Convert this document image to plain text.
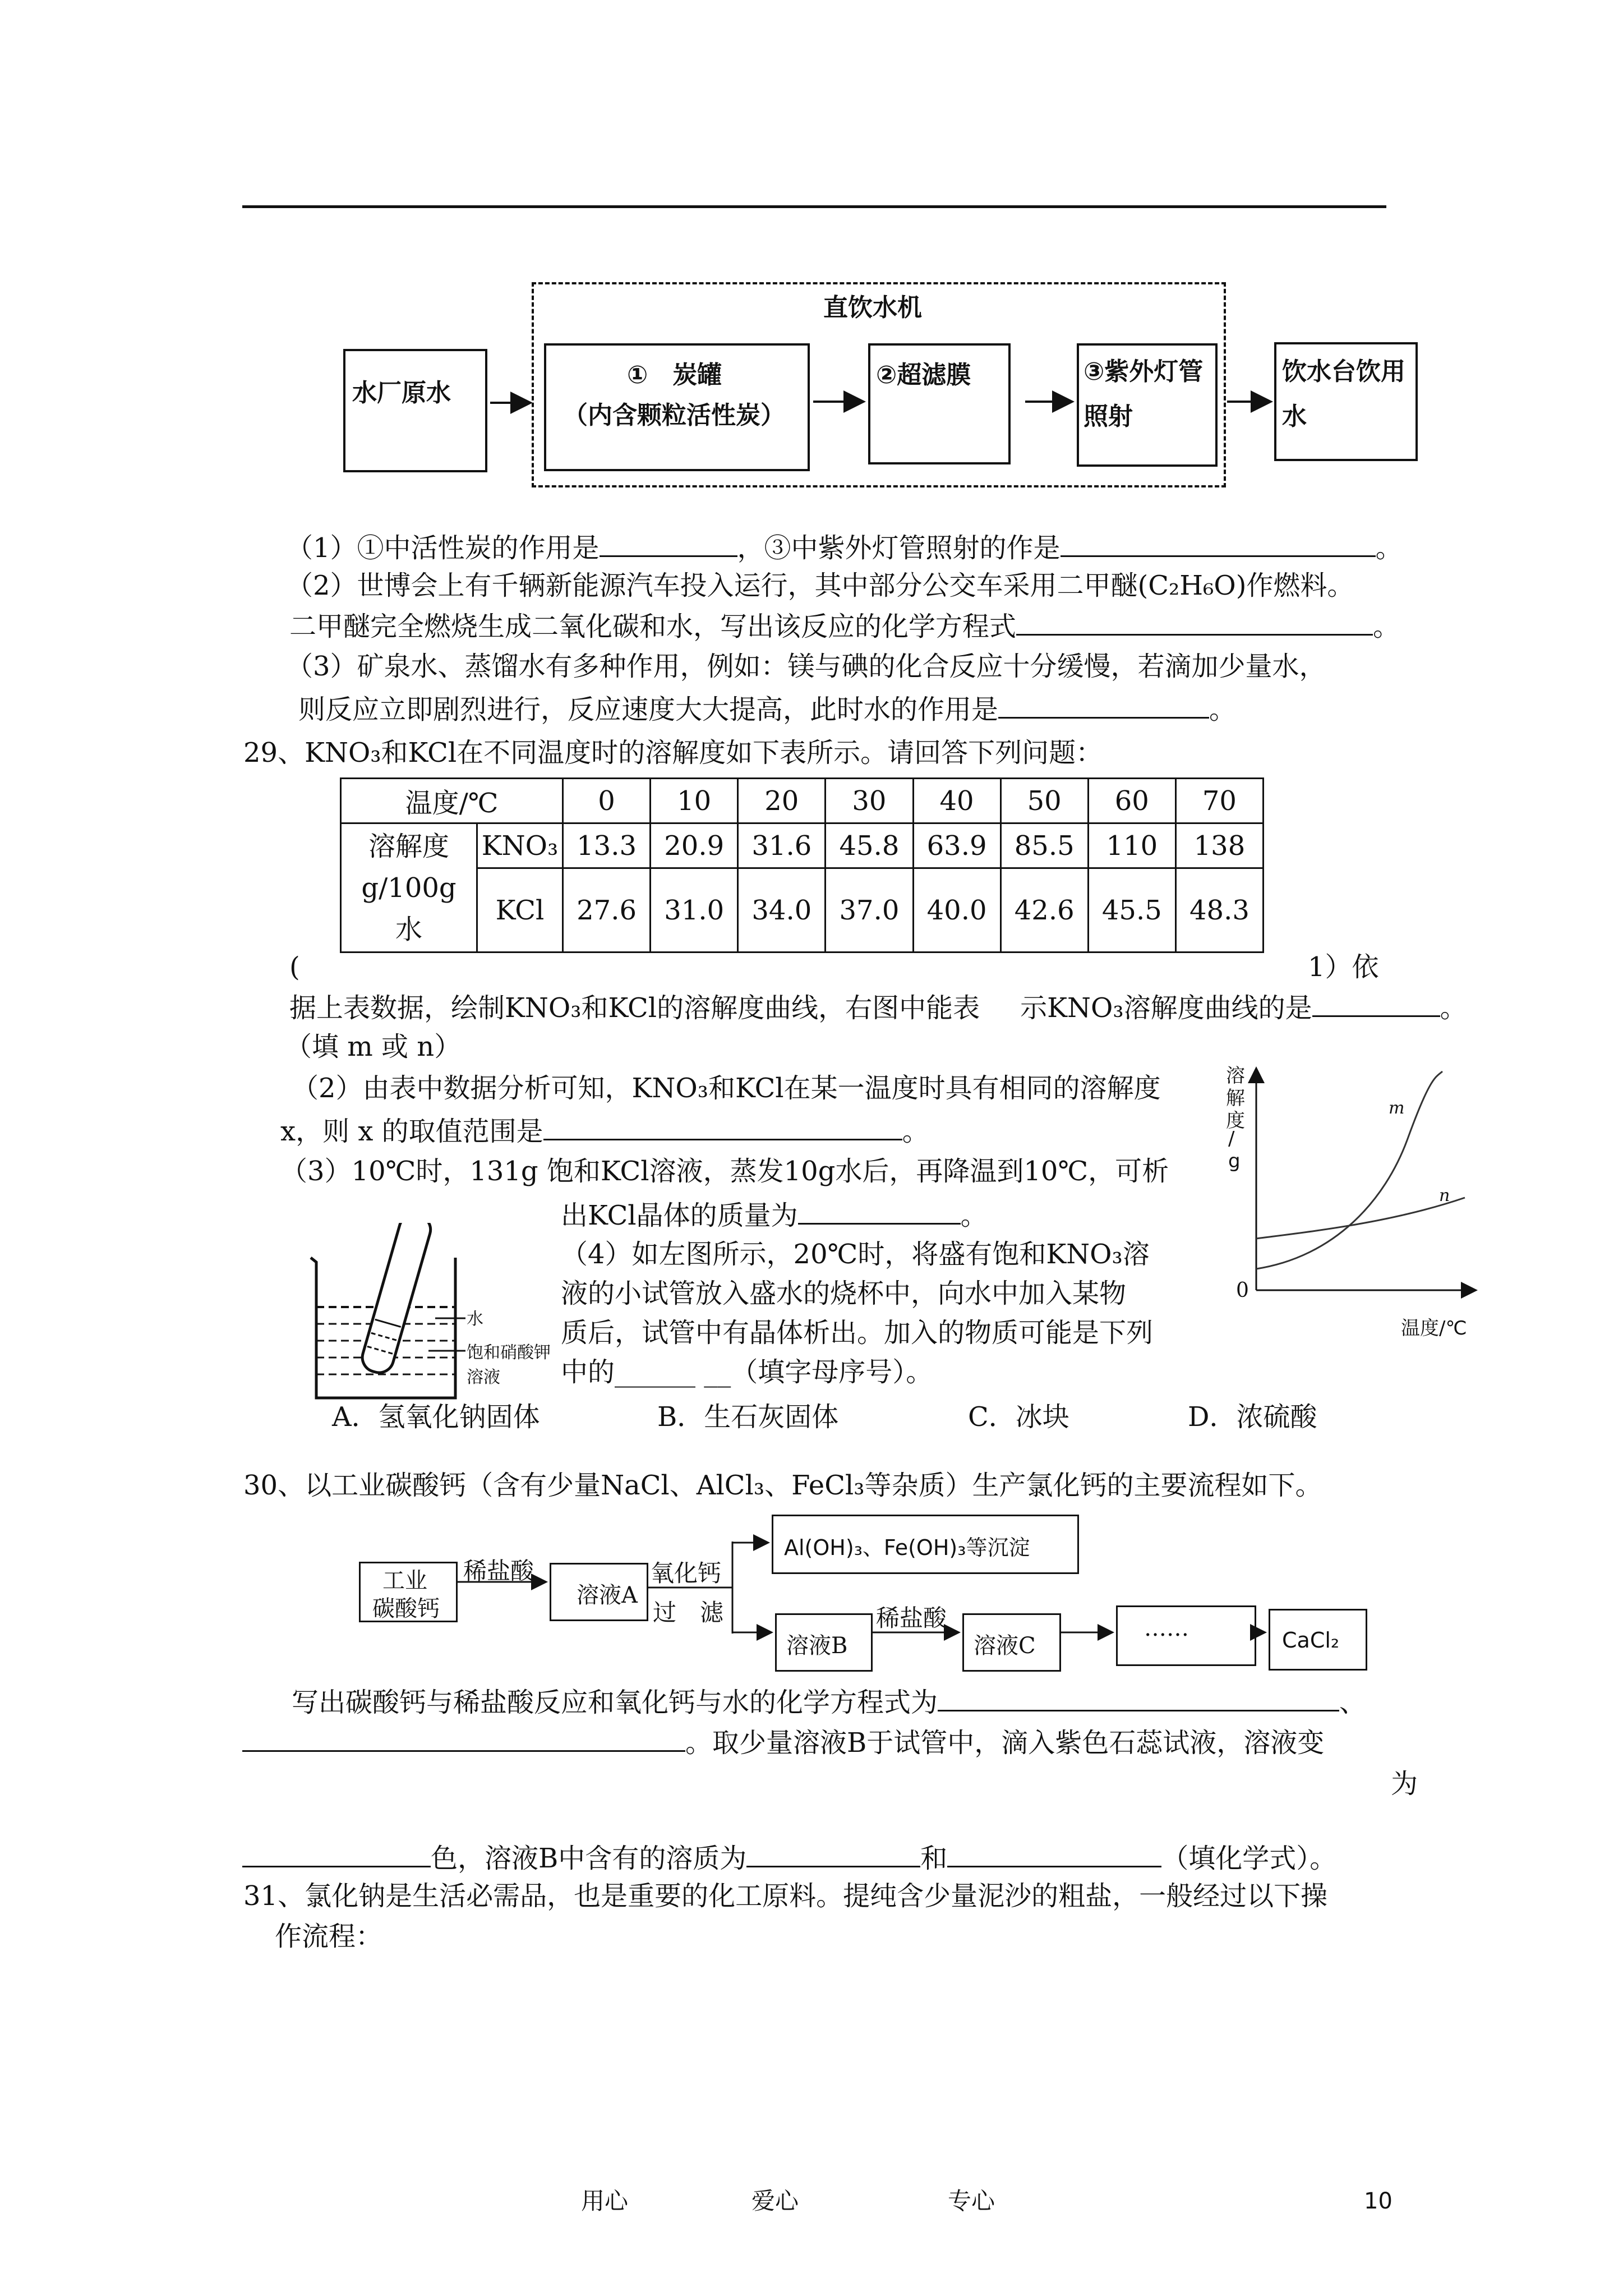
直饮水机
水厂原水
①　炭罐
（内含颗粒活性炭）
②超滤膜	③紫外灯管
照射
饮水台饮用
水
（1）①中活性炭的作用是	，③中紫外灯管照射的作是	。
（2）世博会上有千辆新能源汽车投入运行，其中部分公交车采用二甲醚(C₂H₆O)作燃料。
二甲醚完全燃烧生成二氧化碳和水，写出该反应的化学方程式	。
（3）矿泉水、蒸馏水有多种作用，例如：镁与碘的化合反应十分缓慢，若滴加少量水，
则反应立即剧烈进行，反应速度大大提高，此时水的作用是	。
29、KNO₃和KCl在不同温度时的溶解度如下表所示。请回答下列问题：
温度/℃		0	10	20	30	40	50	60	70

溶解度
g/100g
水	KNO₃	13.3	20.9	31.6	45.8	63.9	85.5	110	138
	KCl	27.6	31.0	34.0	37.0	40.0	42.6	45.5	48.3
(	1）依
据上表数据，绘制KNO₃和KCl的溶解度曲线，右图中能表 示KNO₃溶解度曲线的是	。
（填 m 或 n）
（2）由表中数据分析可知，KNO₃和KCl在某一温度时具有相同的溶解度
x，则 x 的取值范围是	。
（3）10℃时，131g 饱和KCl溶液，蒸发10g水后，再降温到10℃，可析
出KCl晶体的质量为	。
（4）如左图所示，20℃时，将盛有饱和KNO₃溶
液的小试管放入盛水的烧杯中，向水中加入某物
质后，试管中有晶体析出。加入的物质可能是下列
中的______ __（填字母序号）。
A．氢氧化钠固体	B．生石灰固体	C．冰块	D．浓硫酸
水
饱和硝酸钾溶液
溶
解
度
/
g
0
m
n
温度/℃
30、以工业碳酸钙（含有少量NaCl、AlCl₃、FeCl₃等杂质）生产氯化钙的主要流程如下。
工业
碳酸钙
稀盐酸
溶液A
氧化钙
过　滤
Al(OH)₃、Fe(OH)₃等沉淀
溶液B
稀盐酸
溶液C
……	CaCl₂
写出碳酸钙与稀盐酸反应和氧化钙与水的化学方程式为	、
。取少量溶液B于试管中，滴入紫色石蕊试液，溶液变
为
色，溶液B中含有的溶质为	和	（填化学式）。
31、氯化钠是生活必需品，也是重要的化工原料。提纯含少量泥沙的粗盐，一般经过以下操
作流程：
用心	爱心	专心	10
